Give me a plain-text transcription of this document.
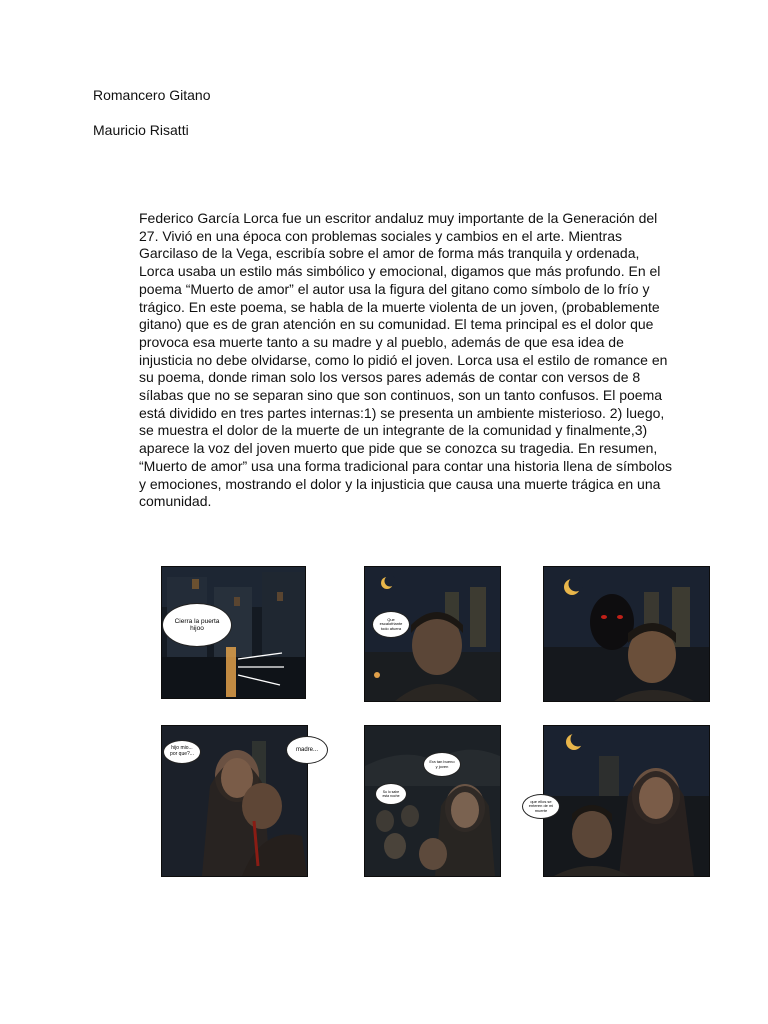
Romancero Gitano
Mauricio Risatti

Federico García Lorca fue un escritor andaluz muy importante de la Generación del 27. Vivió en una época con problemas sociales y cambios en el arte. Mientras Garcilaso de la Vega, escribía sobre el amor de forma más tranquila y ordenada, Lorca usaba un estilo más simbólico y emocional, digamos que más profundo. En el poema “Muerto de amor” el autor usa la figura del gitano como símbolo de lo frío y trágico. En este poema, se habla de la muerte violenta de un joven, (probablemente gitano) que es de gran atención en su comunidad. El tema principal es el dolor que provoca esa muerte tanto a su madre y al pueblo, además de que esa idea de injusticia no debe olvidarse, como lo pidió el joven. Lorca usa el estilo de romance en su poema, donde riman solo los versos pares además de contar con versos de 8 sílabas que no se separan sino que son continuos, son un tanto confusos. El poema está dividido en tres partes internas:1) se presenta un ambiente misterioso. 2) luego, se muestra el dolor de la muerte de un integrante de la comunidad y finalmente,3) aparece la voz del joven muerto que pide que se conozca su tragedia. En resumen, “Muerto de amor” usa una forma tradicional para contar una historia llena de símbolos y emociones, mostrando el dolor y la injusticia que causa una muerte trágica en una comunidad.

Cierra la puerta hijoo
Que escalofriante todo afuera
hijo mio... por que?...
madre...
Era tan bueno y joven
Su lo sabe esta noche
que ellos se enteren de mi muerte
